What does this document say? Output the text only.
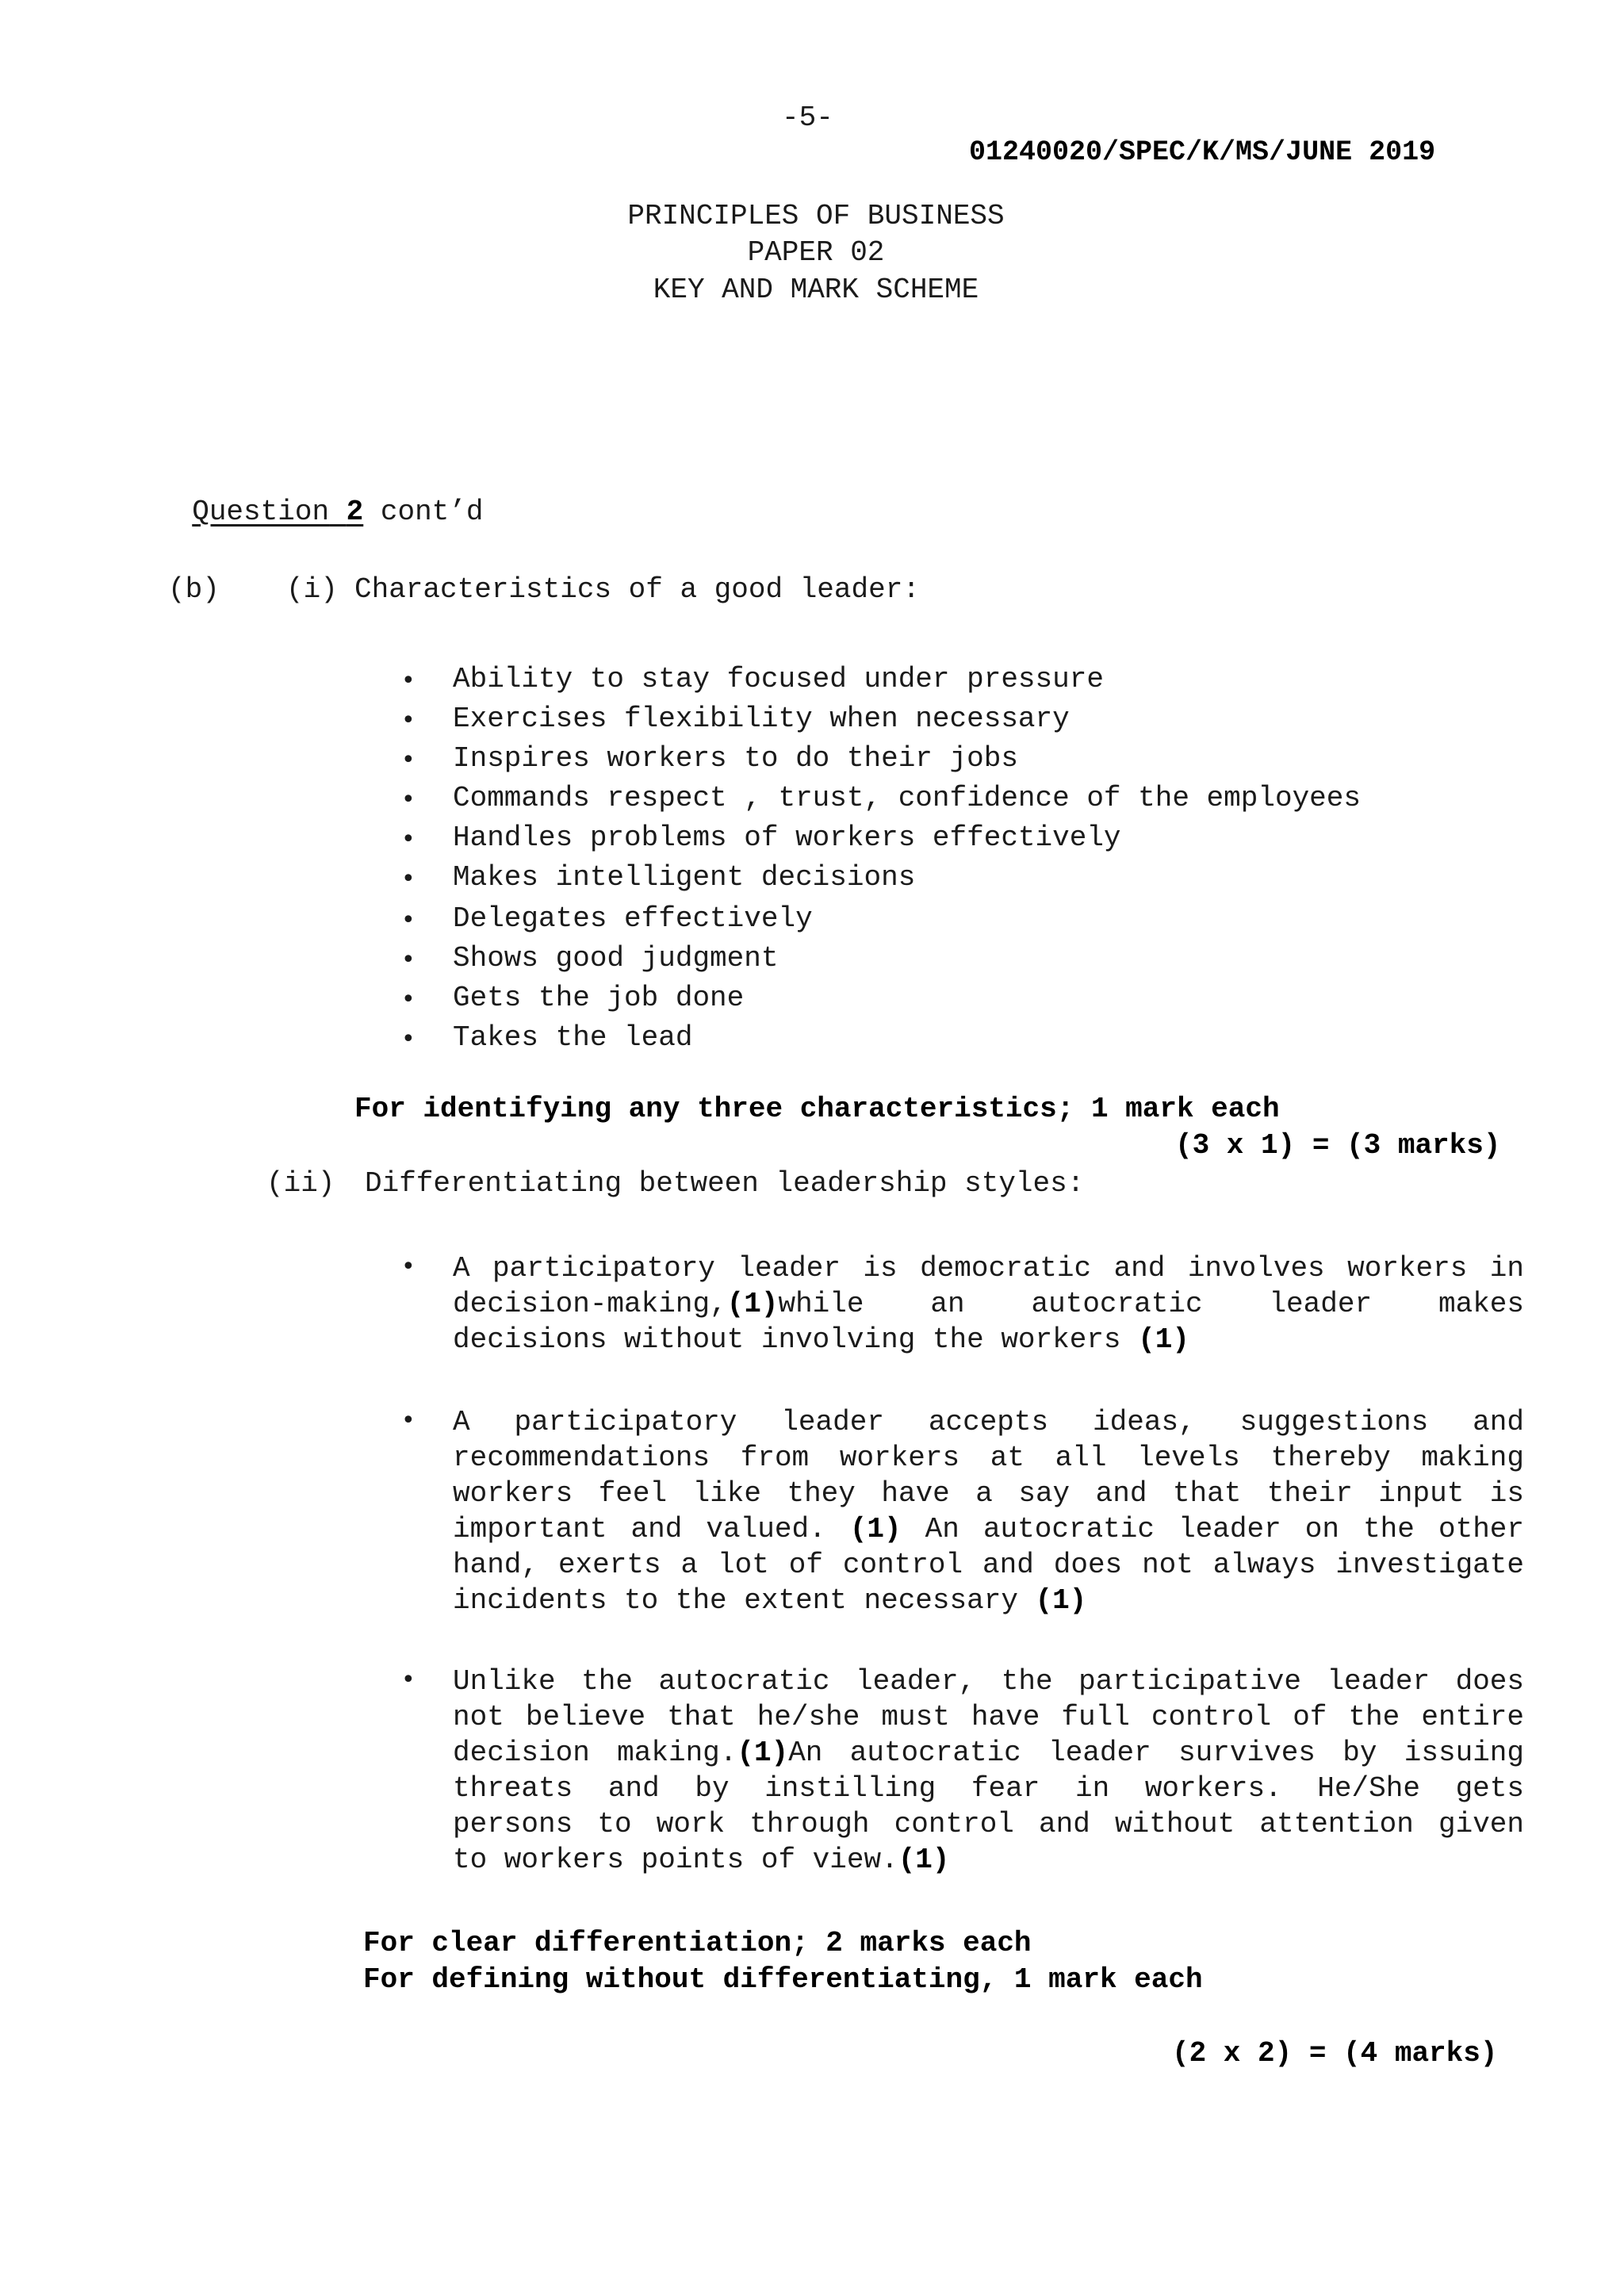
-5-
01240020/SPEC/K/MS/JUNE 2019
PRINCIPLES OF BUSINESS
PAPER 02
KEY AND MARK SCHEME

Question 2 cont’d

(b) (i) Characteristics of a good leader:
• Ability to stay focused under pressure
• Exercises flexibility when necessary
• Inspires workers to do their jobs
• Commands respect , trust, confidence of the employees
• Handles problems of workers effectively
• Makes intelligent decisions
• Delegates effectively
• Shows good judgment
• Gets the job done
• Takes the lead
For identifying any three characteristics; 1 mark each
(3 x 1) = (3 marks)
(ii) Differentiating between leadership styles:
• A participatory leader is democratic and involves workers in
decision-making,(1)while an autocratic leader makes
decisions without involving the workers (1)
• A participatory leader accepts ideas, suggestions and
recommendations from workers at all levels thereby making
workers feel like they have a say and that their input is
important and valued. (1) An autocratic leader on the other
hand, exerts a lot of control and does not always investigate
incidents to the extent necessary (1)
• Unlike the autocratic leader, the participative leader does
not believe that he/she must have full control of the entire
decision making.(1)An autocratic leader survives by issuing
threats and by instilling fear in workers. He/She gets
persons to work through control and without attention given
to workers points of view.(1)
For clear differentiation; 2 marks each
For defining without differentiating, 1 mark each
(2 x 2) = (4 marks)
